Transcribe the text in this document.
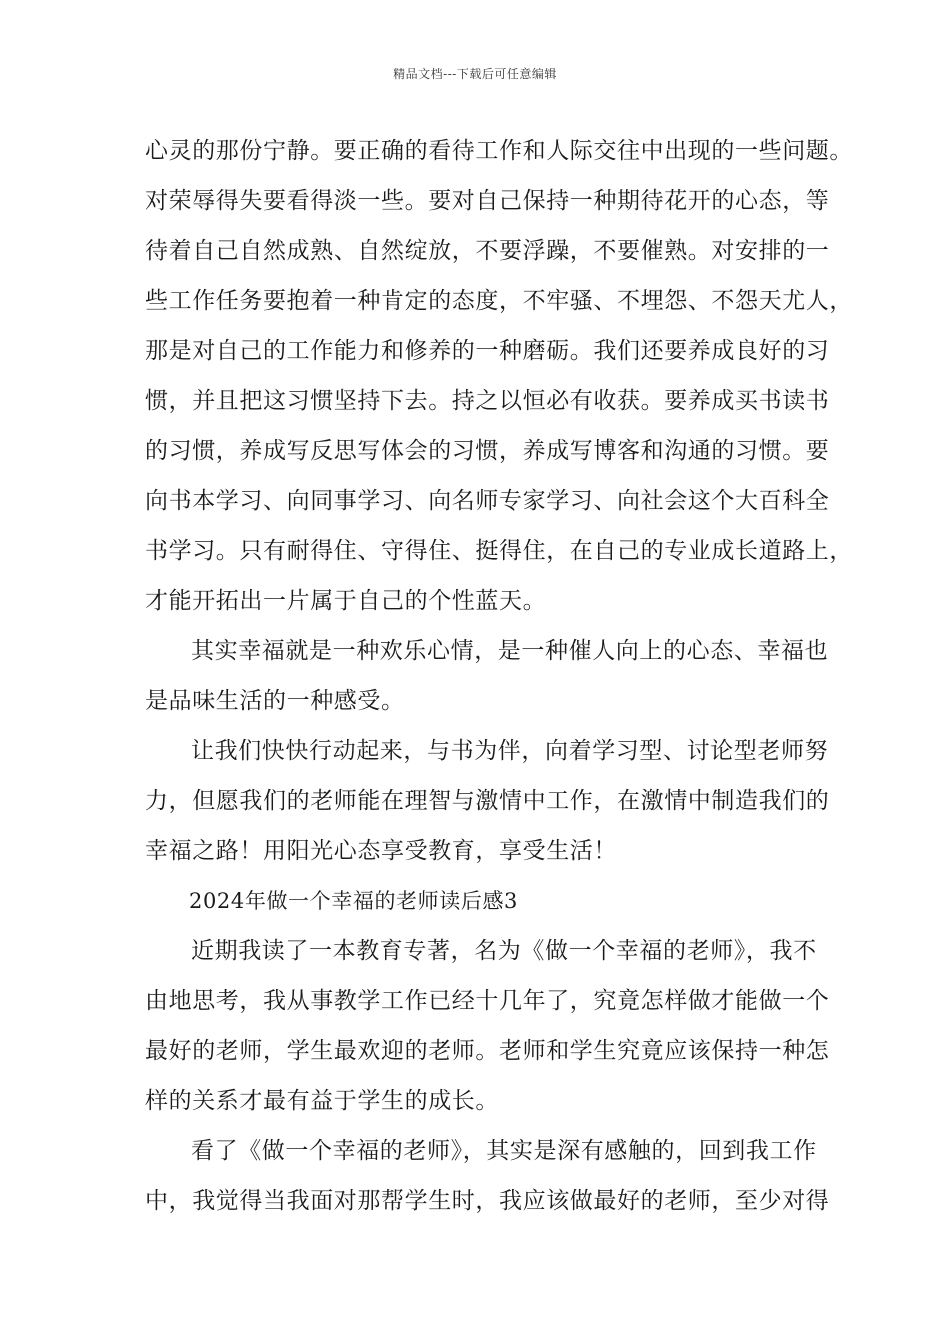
精品文档---下载后可任意编辑
心灵的那份宁静。要正确的看待工作和人际交往中出现的一些问题。
对荣辱得失要看得淡一些。要对自己保持一种期待花开的心态，等
待着自己自然成熟、自然绽放，不要浮躁，不要催熟。对安排的一
些工作任务要抱着一种肯定的态度，不牢骚、不埋怨、不怨天尤人，
那是对自己的工作能力和修养的一种磨砺。我们还要养成良好的习
惯，并且把这习惯坚持下去。持之以恒必有收获。要养成买书读书
的习惯，养成写反思写体会的习惯，养成写博客和沟通的习惯。要
向书本学习、向同事学习、向名师专家学习、向社会这个大百科全
书学习。只有耐得住、守得住、挺得住，在自己的专业成长道路上，
才能开拓出一片属于自己的个性蓝天。
其实幸福就是一种欢乐心情，是一种催人向上的心态、幸福也
是品味生活的一种感受。
让我们快快行动起来，与书为伴，向着学习型、讨论型老师努
力，但愿我们的老师能在理智与激情中工作，在激情中制造我们的
幸福之路！用阳光心态享受教育，享受生活！
2024年做一个幸福的老师读后感3
近期我读了一本教育专著，名为《做一个幸福的老师》，我不
由地思考，我从事教学工作已经十几年了，究竟怎样做才能做一个
最好的老师，学生最欢迎的老师。老师和学生究竟应该保持一种怎
样的关系才最有益于学生的成长。
看了《做一个幸福的老师》，其实是深有感触的，回到我工作
中，我觉得当我面对那帮学生时，我应该做最好的老师，至少对得
